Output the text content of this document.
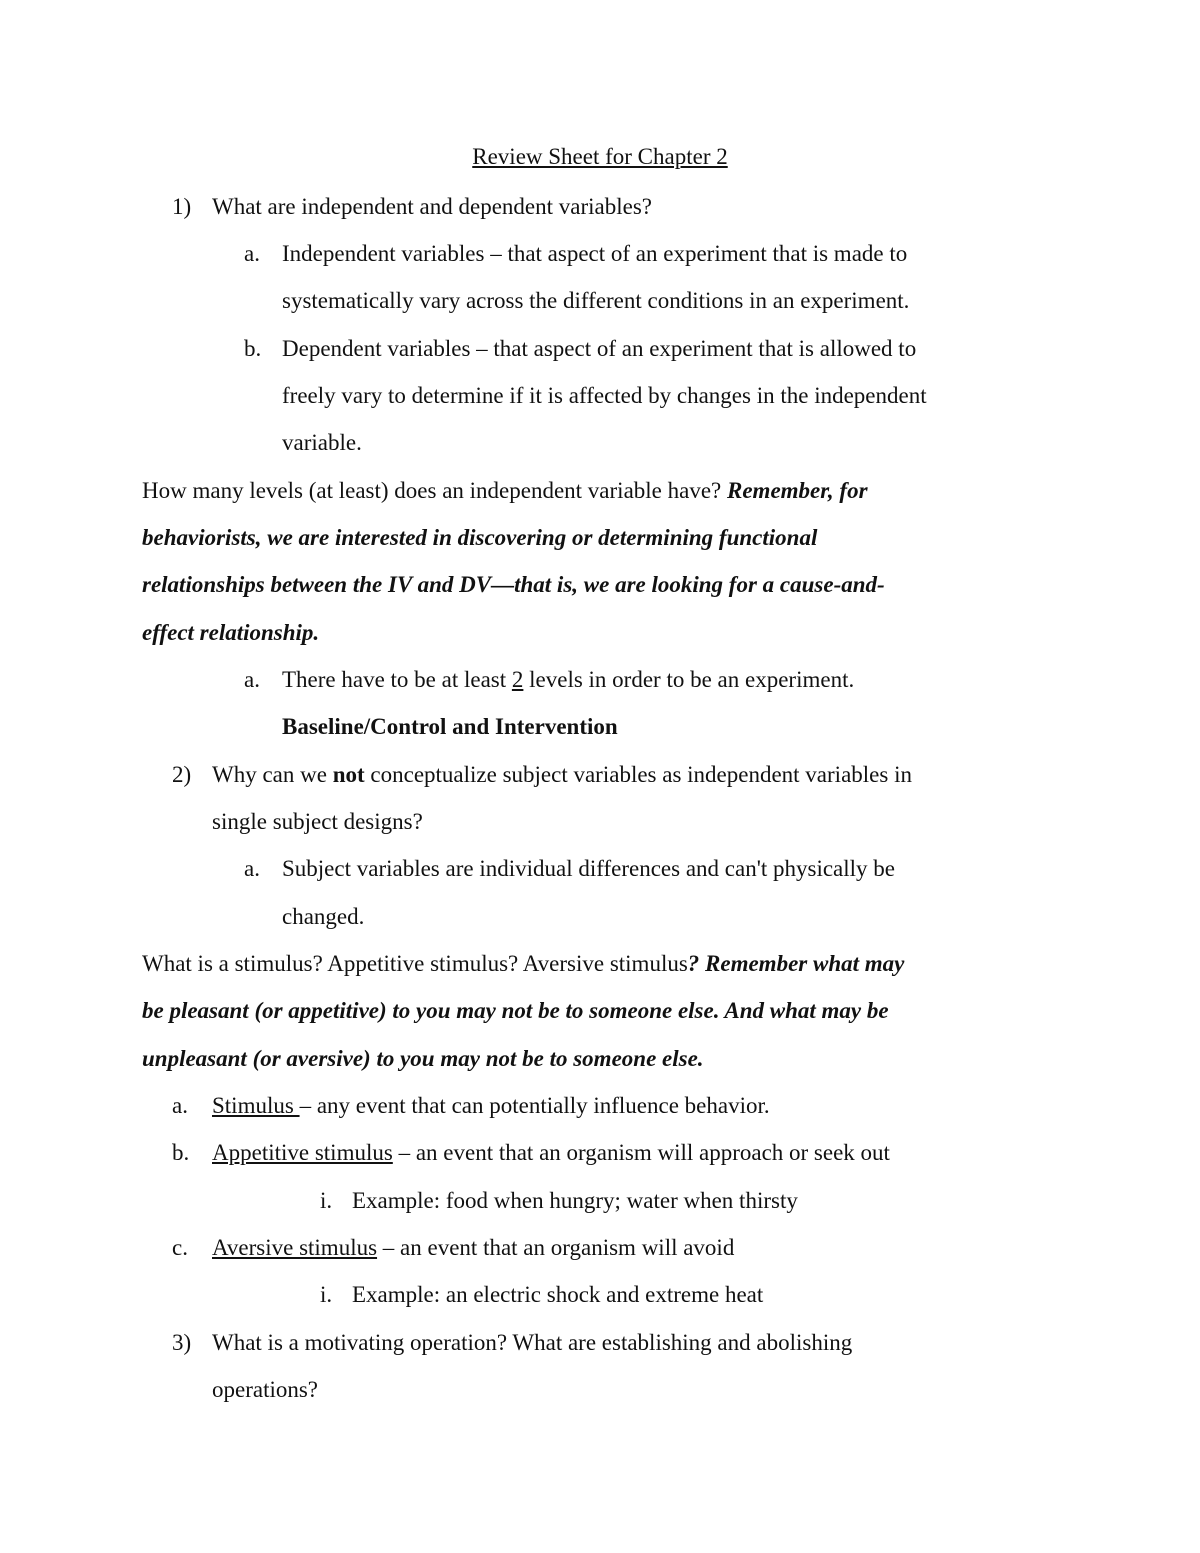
Review Sheet for Chapter 2
1) What are independent and dependent variables?
a. Independent variables – that aspect of an experiment that is made to
systematically vary across the different conditions in an experiment.
b. Dependent variables – that aspect of an experiment that is allowed to
freely vary to determine if it is affected by changes in the independent
variable.
How many levels (at least) does an independent variable have? Remember, for
behaviorists, we are interested in discovering or determining functional
relationships between the IV and DV—that is, we are looking for a cause-and-
effect relationship.
a. There have to be at least 2 levels in order to be an experiment.
Baseline/Control and Intervention
2) Why can we not conceptualize subject variables as independent variables in
single subject designs?
a. Subject variables are individual differences and can't physically be
changed.
What is a stimulus? Appetitive stimulus? Aversive stimulus? Remember what may
be pleasant (or appetitive) to you may not be to someone else. And what may be
unpleasant (or aversive) to you may not be to someone else.
a. Stimulus – any event that can potentially influence behavior.
b. Appetitive stimulus – an event that an organism will approach or seek out
i. Example: food when hungry; water when thirsty
c. Aversive stimulus – an event that an organism will avoid
i. Example: an electric shock and extreme heat
3) What is a motivating operation? What are establishing and abolishing
operations?
